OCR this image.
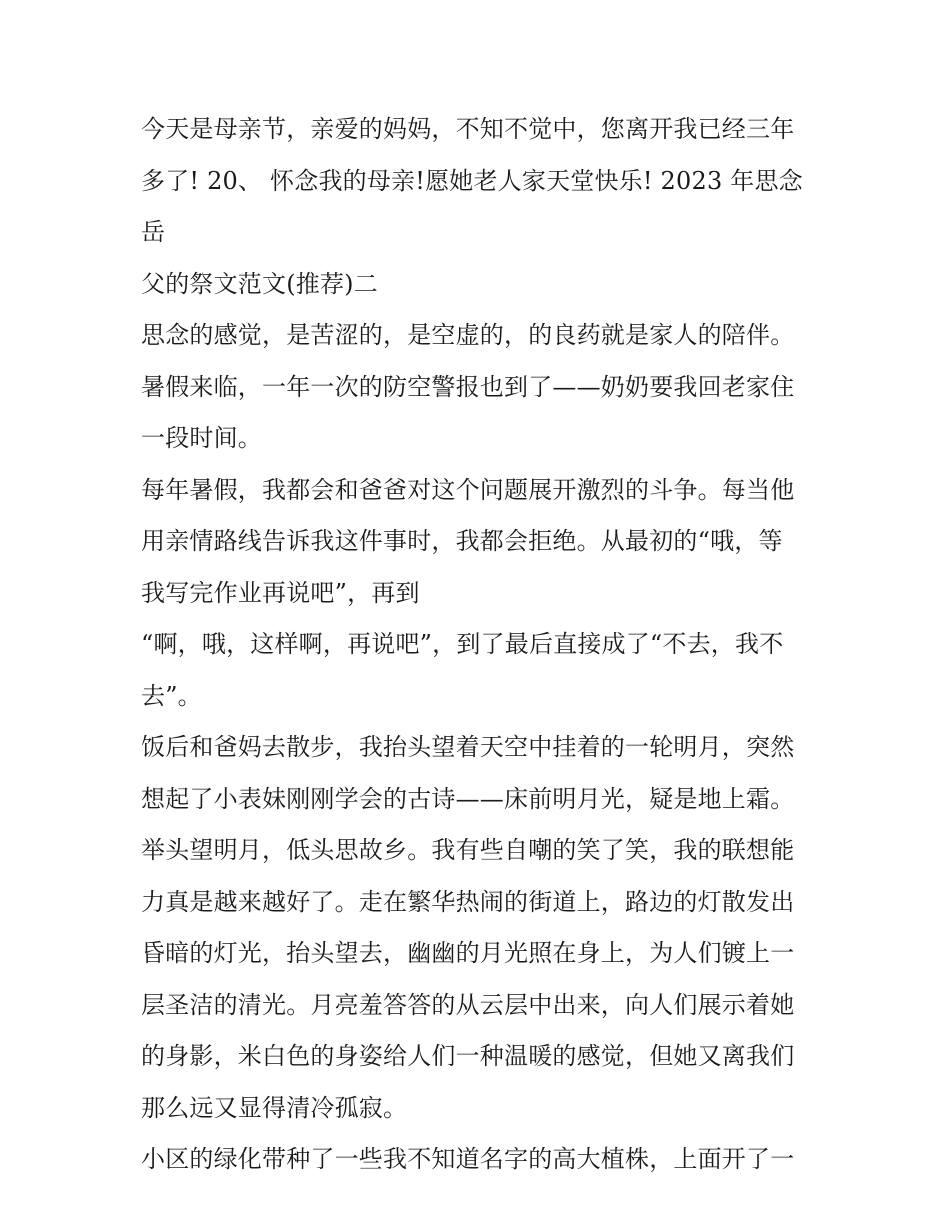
今天是母亲节，亲爱的妈妈，不知不觉中，您离开我已经三年
多了! 20、 怀念我的母亲!愿她老人家天堂快乐! 2023 年思念岳
父的祭文范文(推荐)二

思念的感觉，是苦涩的，是空虚的，的良药就是家人的陪伴。
暑假来临，一年一次的防空警报也到了——奶奶要我回老家住
一段时间。

每年暑假，我都会和爸爸对这个问题展开激烈的斗争。每当他
用亲情路线告诉我这件事时，我都会拒绝。从最初的“哦，等
我写完作业再说吧”，再到

“啊，哦，这样啊，再说吧”，到了最后直接成了“不去，我不
去”。

饭后和爸妈去散步，我抬头望着天空中挂着的一轮明月，突然
想起了小表妹刚刚学会的古诗——床前明月光，疑是地上霜。
举头望明月，低头思故乡。我有些自嘲的笑了笑，我的联想能
力真是越来越好了。走在繁华热闹的街道上，路边的灯散发出
昏暗的灯光，抬头望去，幽幽的月光照在身上，为人们镀上一
层圣洁的清光。月亮羞答答的从云层中出来，向人们展示着她
的身影，米白色的身姿给人们一种温暖的感觉，但她又离我们
那么远又显得清冷孤寂。

小区的绿化带种了一些我不知道名字的高大植株，上面开了一
